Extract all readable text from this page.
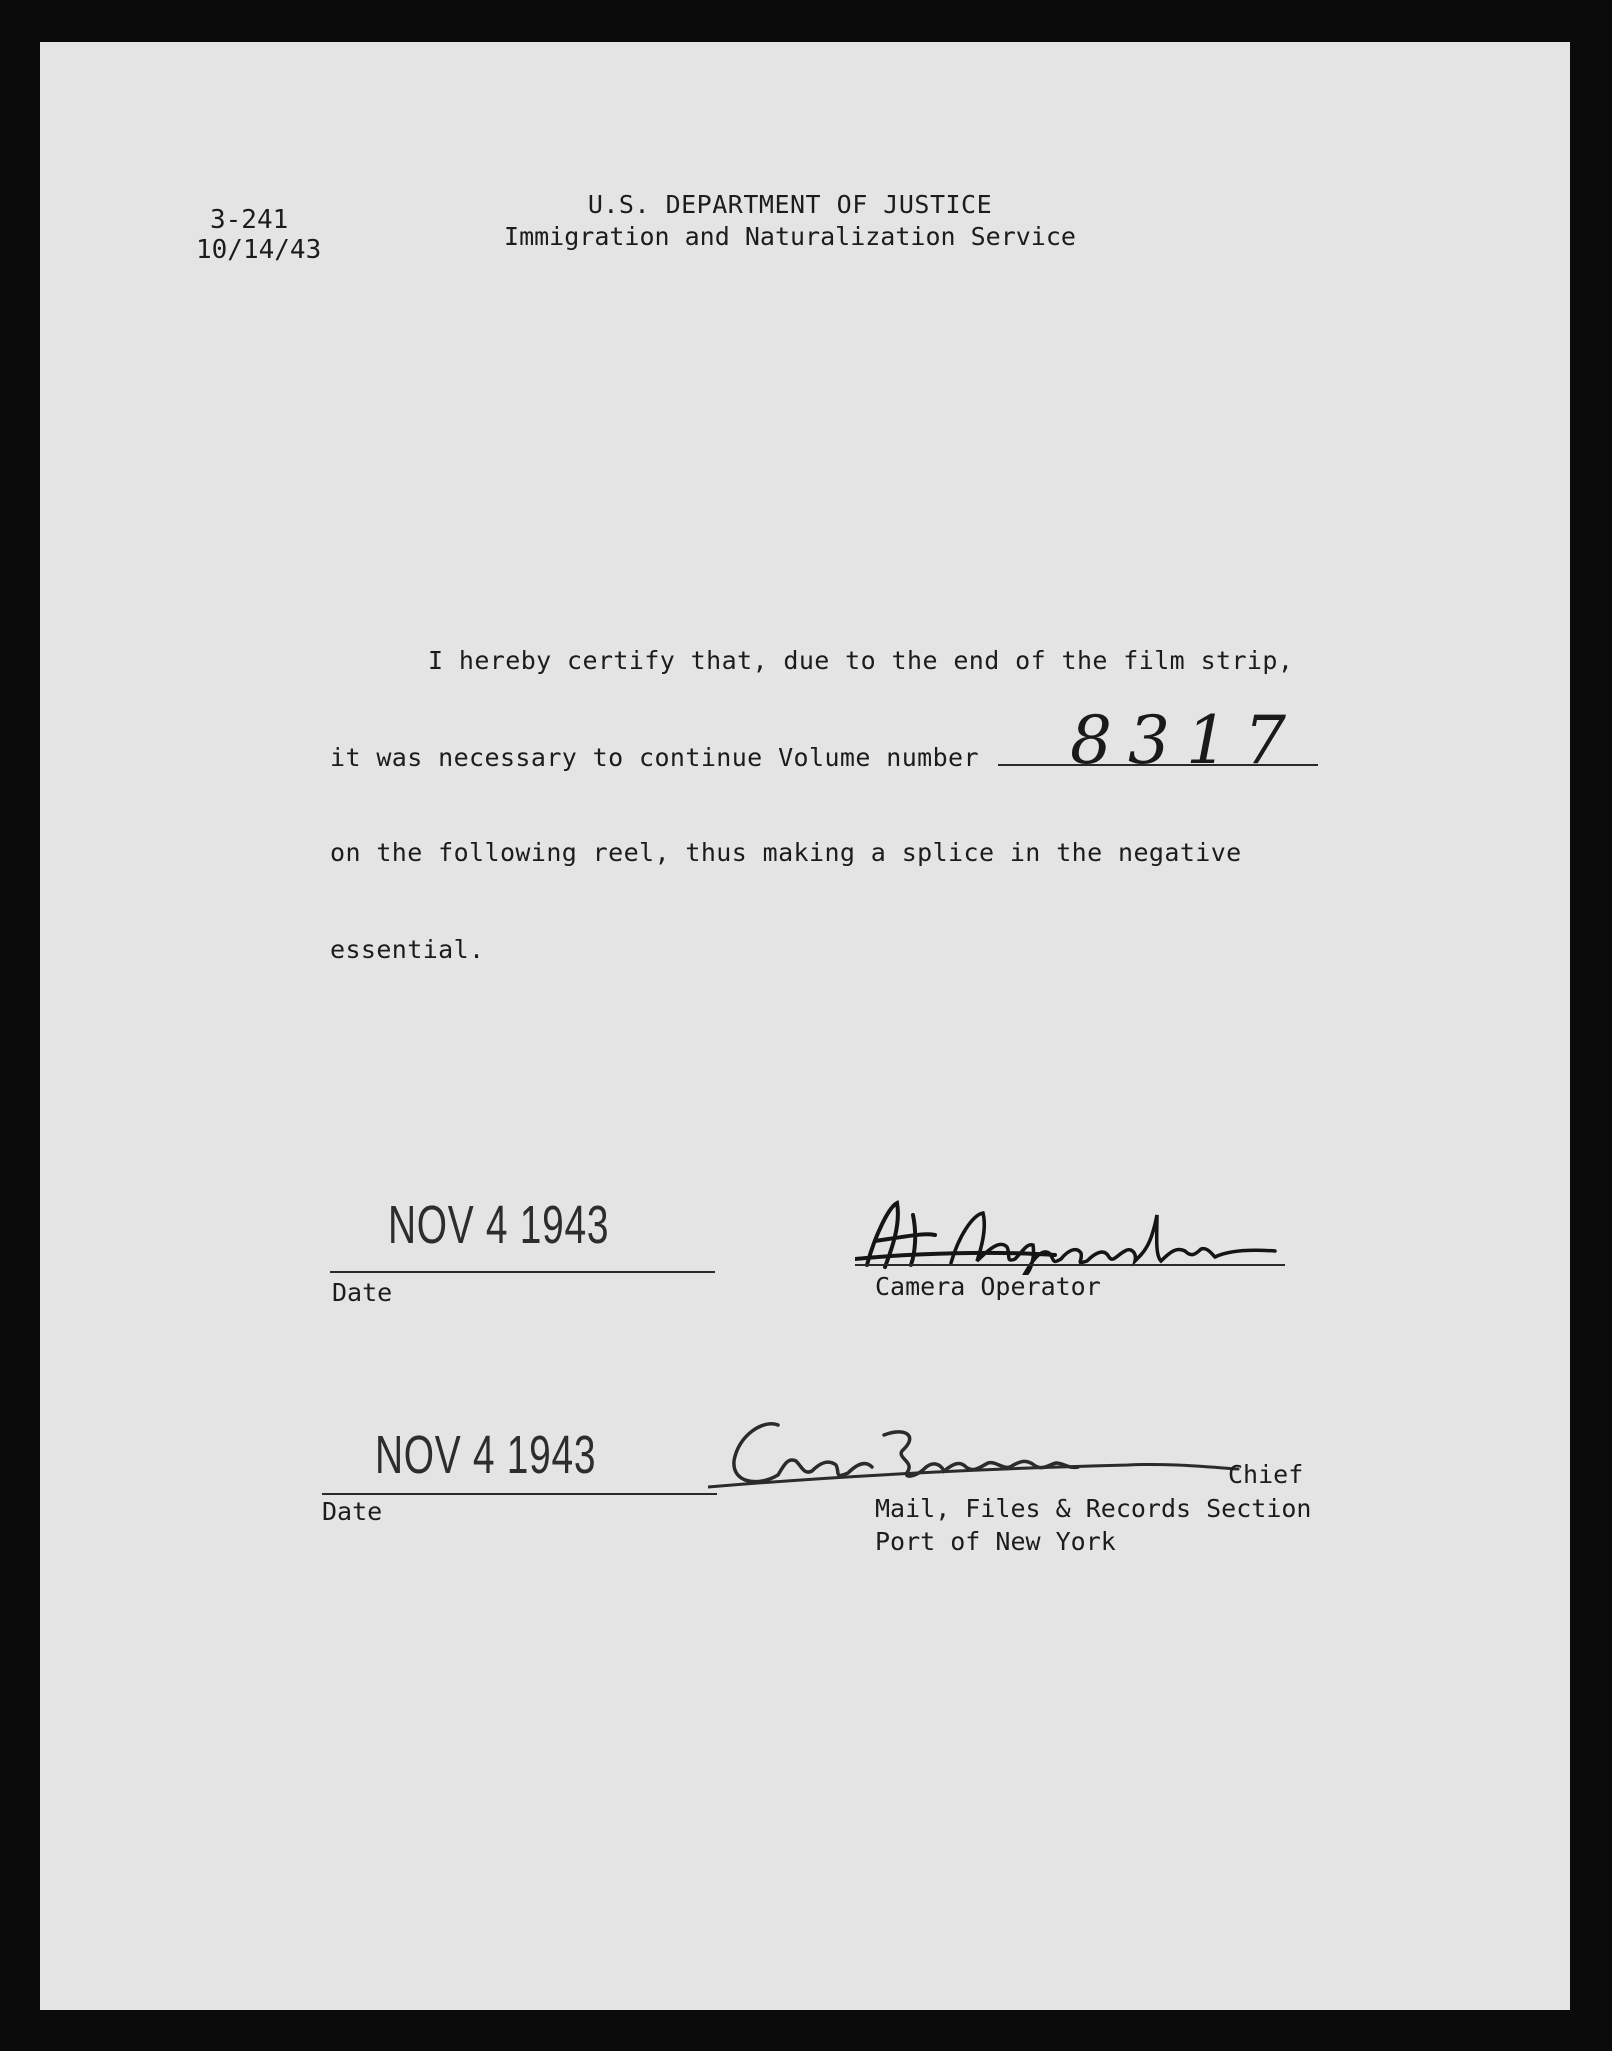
3-241
10/14/43
U.S. DEPARTMENT OF JUSTICE
Immigration and Naturalization Service
I hereby certify that, due to the end of the film strip,
it was necessary to continue Volume number 8317
on the following reel, thus making a splice in the negative
essential.
NOV 4 1943
Date	Camera Operator
NOV 4 1943
Date
Chief
Mail, Files & Records Section
Port of New York
